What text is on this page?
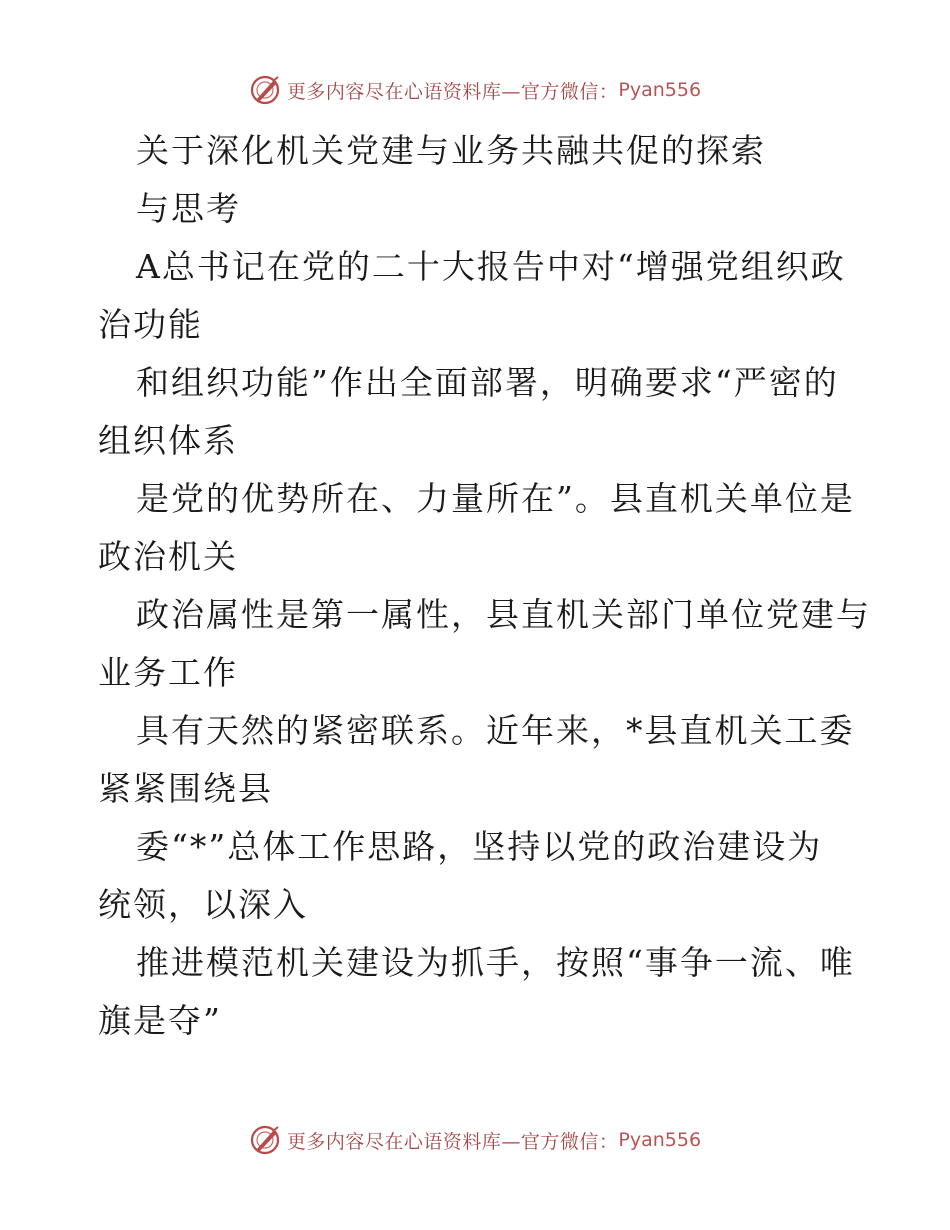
更多内容尽在心语资料库—官方微信： Pyan556
关于深化机关党建与业务共融共促的探索
与思考
A总书记在党的二十大报告中对“增强党组织政
治功能
和组织功能”作出全面部署，明确要求“严密的
组织体系
是党的优势所在、力量所在”。县直机关单位是
政治机关
政治属性是第一属性，县直机关部门单位党建与
业务工作
具有天然的紧密联系。近年来，*县直机关工委
紧紧围绕县
委“*”总体工作思路，坚持以党的政治建设为
统领，以深入
推进模范机关建设为抓手，按照“事争一流、唯
旗是夺”
更多内容尽在心语资料库—官方微信： Pyan556
